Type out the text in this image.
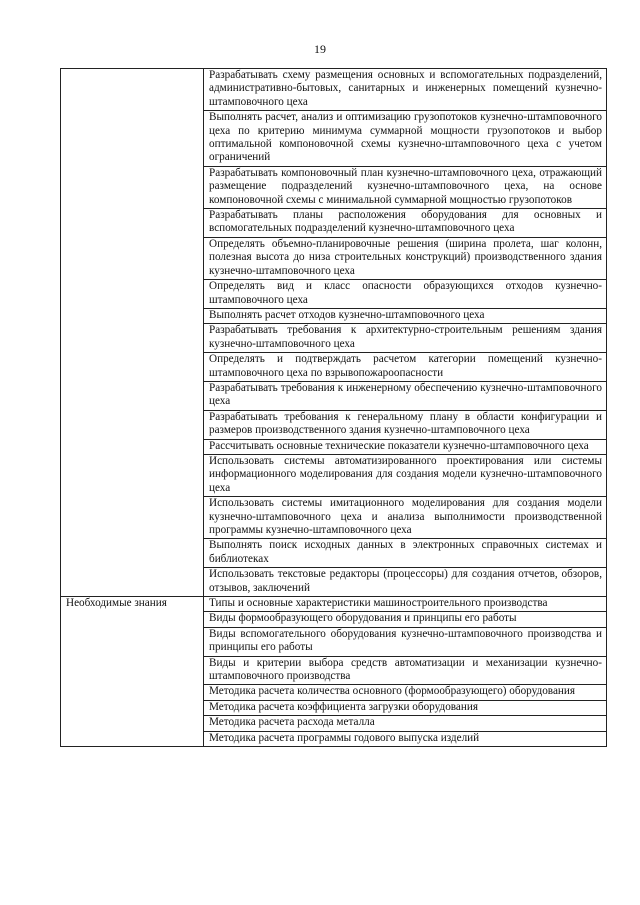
19
	Разрабатывать схему размещения основных и вспомогательных подразделений, административно-бытовых, санитарных и инженерных помещений кузнечно-штамповочного цеха
	Выполнять расчет, анализ и оптимизацию грузопотоков кузнечно-штамповочного цеха по критерию минимума суммарной мощности грузопотоков и выбор оптимальной компоновочной схемы кузнечно-штамповочного цеха с учетом ограничений
	Разрабатывать компоновочный план кузнечно-штамповочного цеха, отражающий размещение подразделений кузнечно-штамповочного цеха, на основе компоновочной схемы с минимальной суммарной мощностью грузопотоков
	Разрабатывать планы расположения оборудования для основных и вспомогательных подразделений кузнечно-штамповочного цеха
	Определять объемно-планировочные решения (ширина пролета, шаг колонн, полезная высота до низа строительных конструкций) производственного здания кузнечно-штамповочного цеха
	Определять вид и класс опасности образующихся отходов кузнечно-штамповочного цеха
	Выполнять расчет отходов кузнечно-штамповочного цеха
	Разрабатывать требования к архитектурно-строительным решениям здания кузнечно-штамповочного цеха
	Определять и подтверждать расчетом категории помещений кузнечно-штамповочного цеха по взрывопожароопасности
	Разрабатывать требования к инженерному обеспечению кузнечно-штамповочного цеха
	Разрабатывать требования к генеральному плану в области конфигурации и размеров производственного здания кузнечно-штамповочного цеха
	Рассчитывать основные технические показатели кузнечно-штамповочного цеха
	Использовать системы автоматизированного проектирования или системы информационного моделирования для создания модели кузнечно-штамповочного цеха
	Использовать системы имитационного моделирования для создания модели кузнечно-штамповочного цеха и анализа выполнимости производственной программы кузнечно-штамповочного цеха
	Выполнять поиск исходных данных в электронных справочных системах и библиотеках
	Использовать текстовые редакторы (процессоры) для создания отчетов, обзоров, отзывов, заключений
Необходимые знания	Типы и основные характеристики машиностроительного производства
	Виды формообразующего оборудования и принципы его работы
	Виды вспомогательного оборудования кузнечно-штамповочного производства и принципы его работы
	Виды и критерии выбора средств автоматизации и механизации кузнечно-штамповочного производства
	Методика расчета количества основного (формообразующего) оборудования
	Методика расчета коэффициента загрузки оборудования
	Методика расчета расхода металла
	Методика расчета программы годового выпуска изделий
